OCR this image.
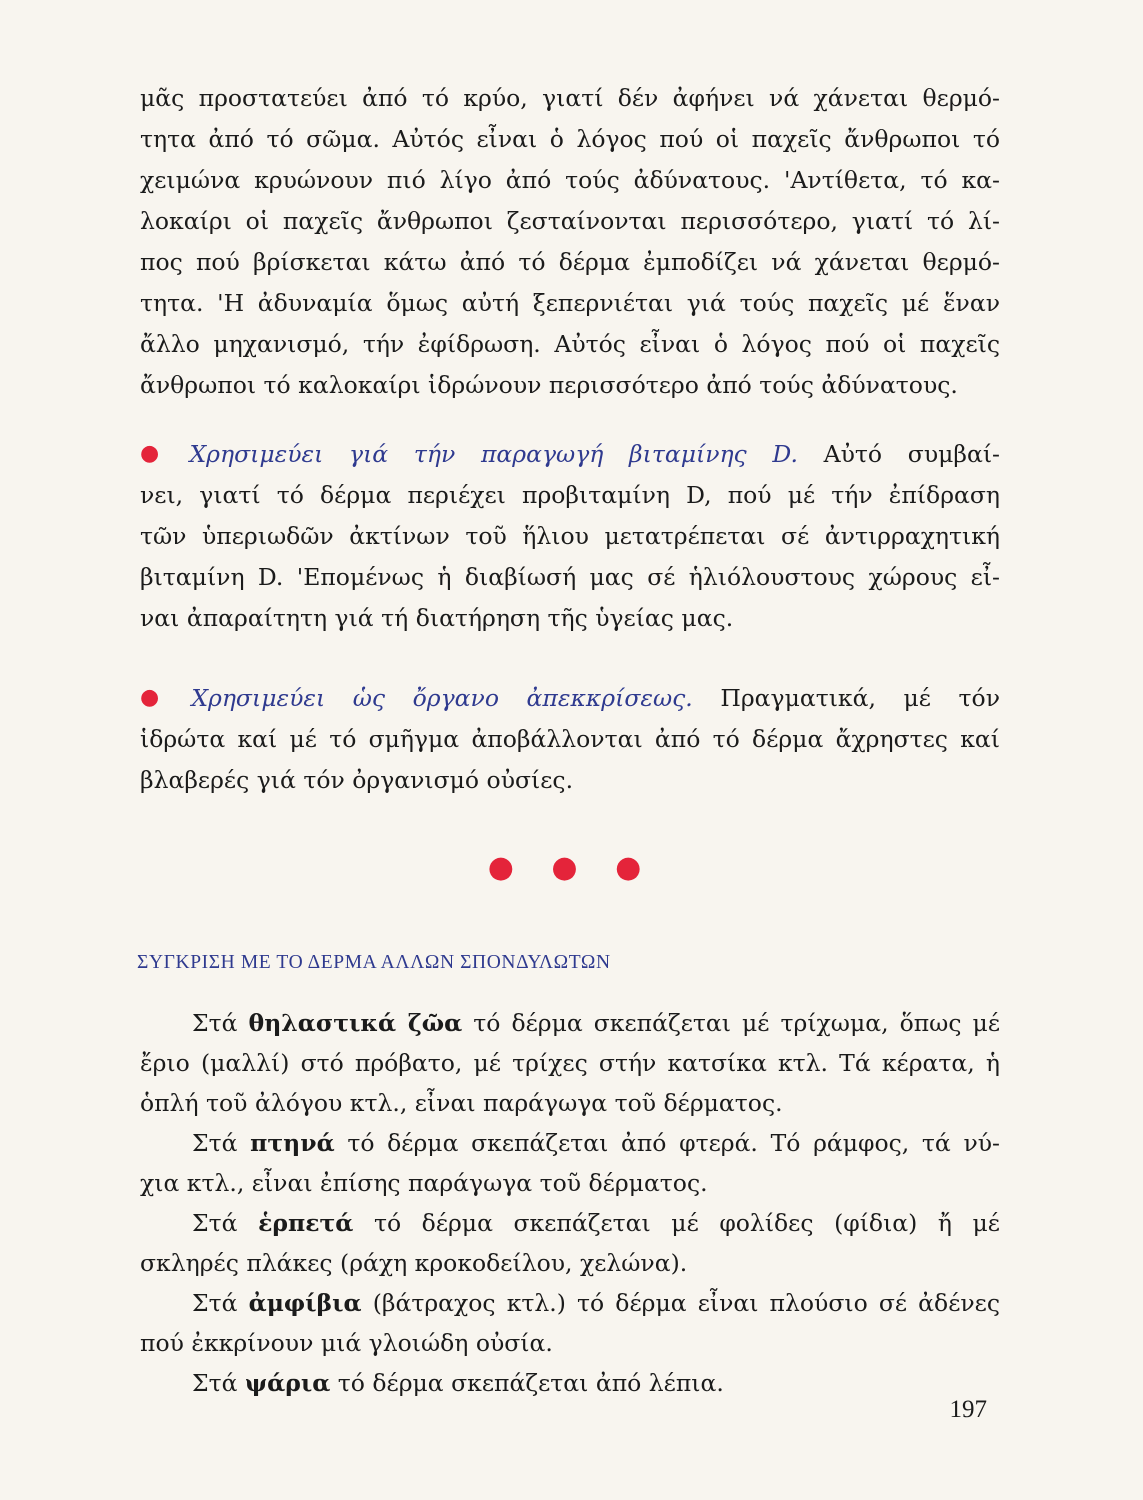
μᾶς προστατεύει ἀπό τό κρύο, γιατί δέν ἀφήνει νά χάνεται θερμό-
τητα ἀπό τό σῶμα. Αὐτός εἶναι ὁ λόγος πού οἱ παχεῖς ἄνθρωποι τό
χειμώνα κρυώνουν πιό λίγο ἀπό τούς ἀδύνατους. 'Αντίθετα, τό κα-
λοκαίρι οἱ παχεῖς ἄνθρωποι ζεσταίνονται περισσότερο, γιατί τό λί-
πος πού βρίσκεται κάτω ἀπό τό δέρμα ἐμποδίζει νά χάνεται θερμό-
τητα. 'Η ἀδυναμία ὅμως αὐτή ξεπερνιέται γιά τούς παχεῖς μέ ἕναν
ἄλλο μηχανισμό, τήν ἐφίδρωση. Αὐτός εἶναι ὁ λόγος πού οἱ παχεῖς
ἄνθρωποι τό καλοκαίρι ἱδρώνουν περισσότερο ἀπό τούς ἀδύνατους.
● Χρησιμεύει γιά τήν παραγωγή βιταμίνης D. Αὐτό συμβαί-
νει, γιατί τό δέρμα περιέχει προβιταμίνη D, πού μέ τήν ἐπίδραση
τῶν ὑπεριωδῶν ἀκτίνων τοῦ ἥλιου μετατρέπεται σέ ἀντιρραχητική
βιταμίνη D. 'Επομένως ἡ διαβίωσή μας σέ ἡλιόλουστους χώρους εἶ-
ναι ἀπαραίτητη γιά τή διατήρηση τῆς ὑγείας μας.
● Χρησιμεύει ὡς ὄργανο ἀπεκκρίσεως. Πραγματικά, μέ τόν
ἱδρώτα καί μέ τό σμῆγμα ἀποβάλλονται ἀπό τό δέρμα ἄχρηστες καί
βλαβερές γιά τόν ὀργανισμό οὐσίες.
● ● ●
ΣΥΓΚΡΙΣΗ ΜΕ ΤΟ ΔΕΡΜΑ ΑΛΛΩΝ ΣΠΟΝΔΥΛΩΤΩΝ
Στά θηλαστικά ζῶα τό δέρμα σκεπάζεται μέ τρίχωμα, ὅπως μέ
ἔριο (μαλλί) στό πρόβατο, μέ τρίχες στήν κατσίκα κτλ. Τά κέρατα, ἡ
ὁπλή τοῦ ἀλόγου κτλ., εἶναι παράγωγα τοῦ δέρματος.
Στά πτηνά τό δέρμα σκεπάζεται ἀπό φτερά. Τό ράμφος, τά νύ-
χια κτλ., εἶναι ἐπίσης παράγωγα τοῦ δέρματος.
Στά ἑρπετά τό δέρμα σκεπάζεται μέ φολίδες (φίδια) ἤ μέ
σκληρές πλάκες (ράχη κροκοδείλου, χελώνα).
Στά ἀμφίβια (βάτραχος κτλ.) τό δέρμα εἶναι πλούσιο σέ ἀδένες
πού ἐκκρίνουν μιά γλοιώδη οὐσία.
Στά ψάρια τό δέρμα σκεπάζεται ἀπό λέπια.
197
